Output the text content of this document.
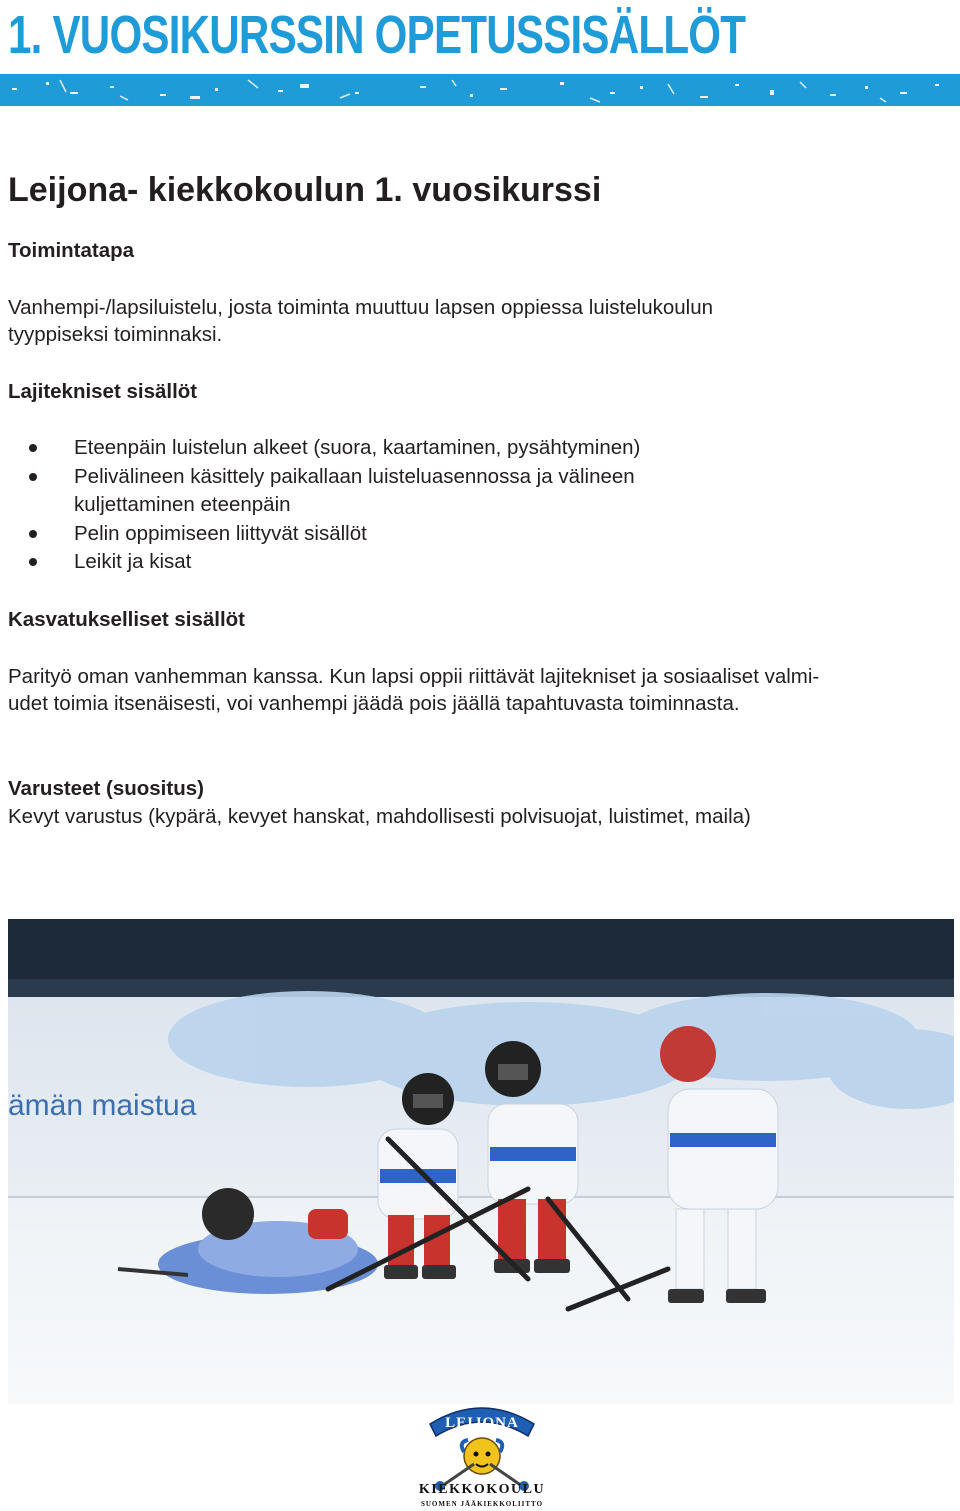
1. VUOSIKURSSIN OPETUSSISÄLLÖT
Leijona- kiekkokoulun 1. vuosikurssi
Toimintatapa

Vanhempi-/lapsiluistelu, josta toiminta muuttuu lapsen oppiessa luistelukoulun
tyyppiseksi toiminnaksi.

Lajitekniset sisällöt
Eteenpäin luistelun alkeet (suora, kaartaminen, pysähtyminen)
Pelivälineen käsittely paikallaan luisteluasennossa ja välineen
kuljettaminen eteenpäin
Pelin oppimiseen liittyvät sisällöt
Leikit ja kisat
Kasvatukselliset sisällöt

Parityö oman vanhemman kanssa. Kun lapsi oppii riittävät lajitekniset ja sosiaaliset valmi-
udet toimia itsenäisesti, voi vanhempi jäädä pois jäällä tapahtuvasta toiminnasta.

Varusteet (suositus)

Kevyt varustus (kypärä, kevyet hanskat, mahdollisesti polvisuojat, luistimet, maila)

ämän maistua
LEIJONA
KIEKKOKOULU
SUOMEN JÄÄKIEKKOLIITTO
